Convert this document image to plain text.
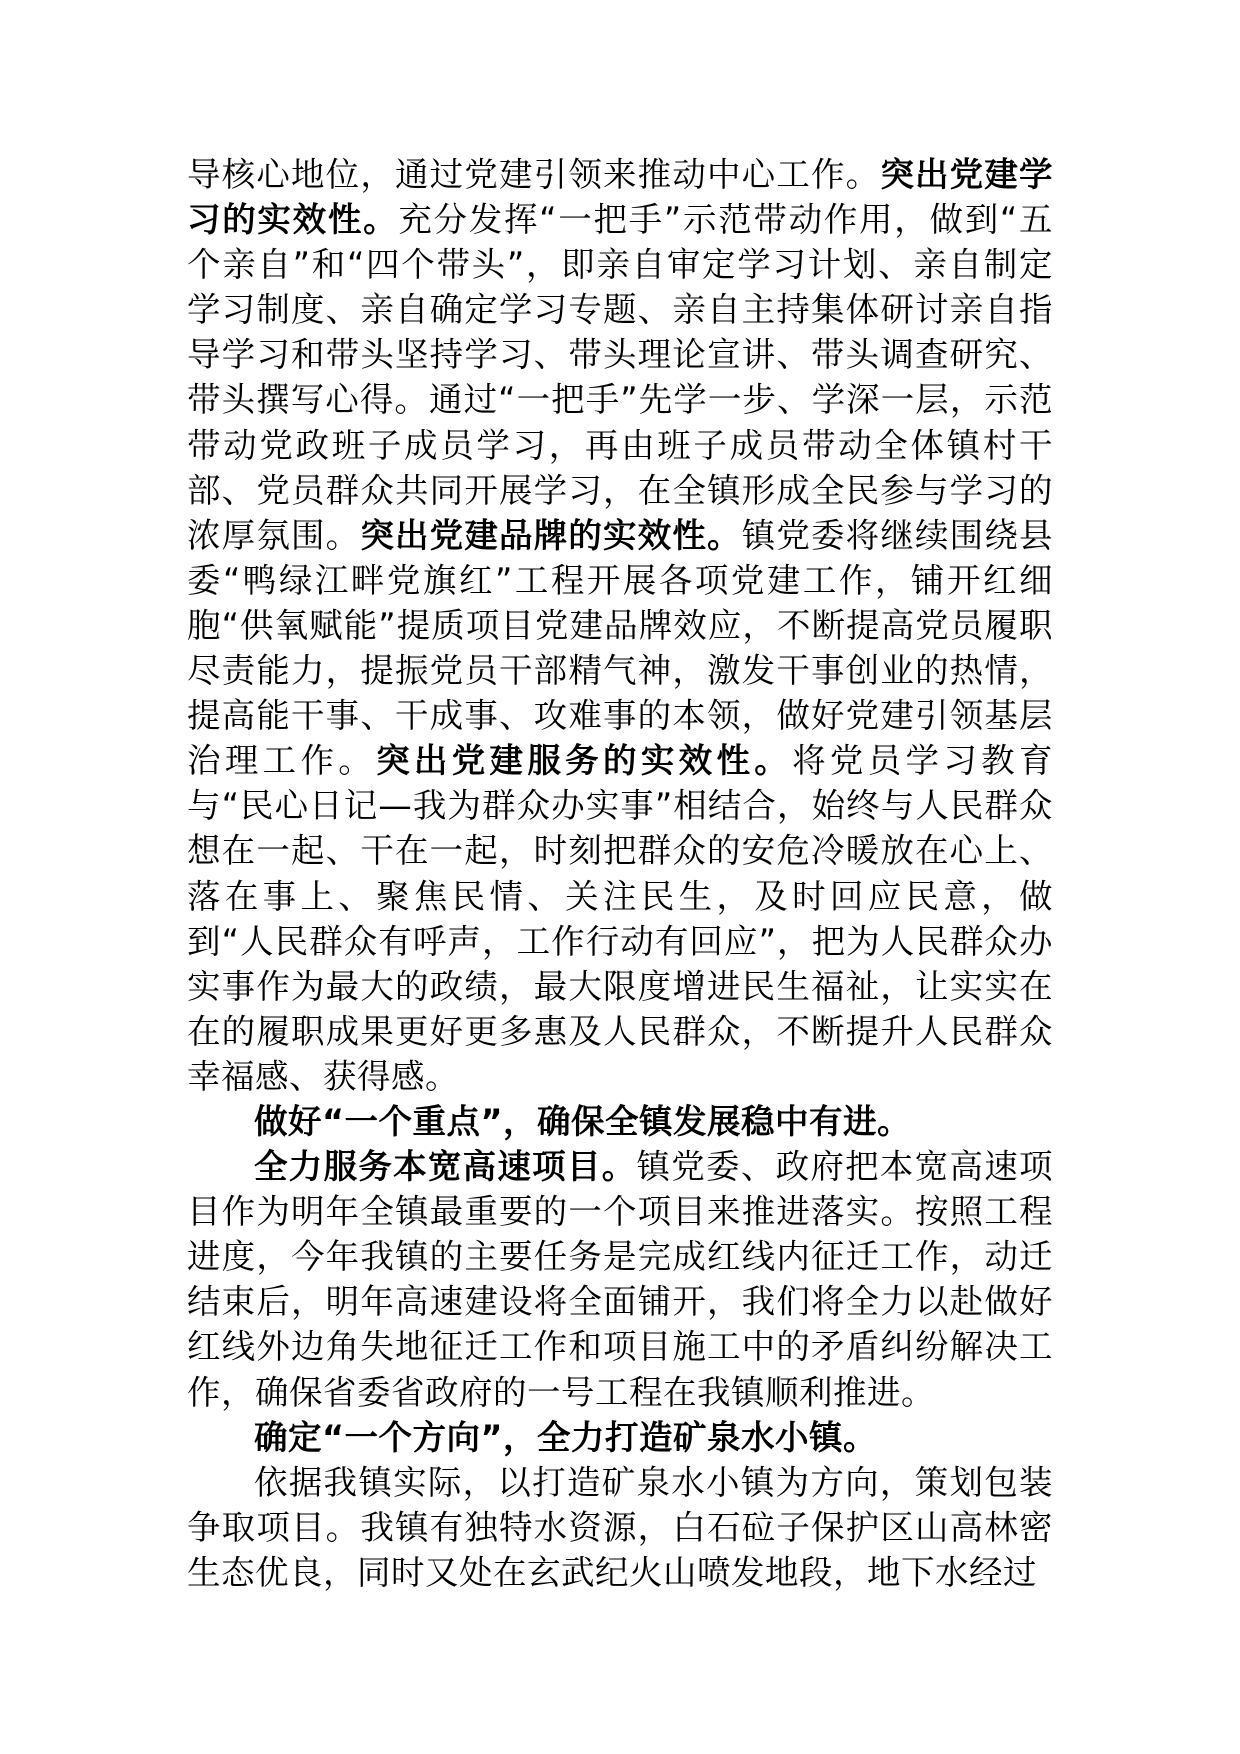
导核心地位，通过党建引领来推动中心工作。突出党建学习的实效性。充分发挥“一把手”示范带动作用，做到“五个亲自”和“四个带头”，即亲自审定学习计划、亲自制定学习制度、亲自确定学习专题、亲自主持集体研讨亲自指导学习和带头坚持学习、带头理论宣讲、带头调查研究、带头撰写心得。通过“一把手”先学一步、学深一层，示范带动党政班子成员学习，再由班子成员带动全体镇村干部、党员群众共同开展学习，在全镇形成全民参与学习的浓厚氛围。突出党建品牌的实效性。镇党委将继续围绕县委“鸭绿江畔党旗红”工程开展各项党建工作，铺开红细胞“供氧赋能”提质项目党建品牌效应，不断提高党员履职尽责能力，提振党员干部精气神，激发干事创业的热情，提高能干事、干成事、攻难事的本领，做好党建引领基层治理工作。突出党建服务的实效性。将党员学习教育与“民心日记—我为群众办实事”相结合，始终与人民群众想在一起、干在一起，时刻把群众的安危冷暖放在心上、落在事上、聚焦民情、关注民生，及时回应民意，做到“人民群众有呼声，工作行动有回应”，把为人民群众办实事作为最大的政绩，最大限度增进民生福祉，让实实在在的履职成果更好更多惠及人民群众，不断提升人民群众幸福感、获得感。

做好“一个重点”，确保全镇发展稳中有进。

全力服务本宽高速项目。镇党委、政府把本宽高速项目作为明年全镇最重要的一个项目来推进落实。按照工程进度，今年我镇的主要任务是完成红线内征迁工作，动迁结束后，明年高速建设将全面铺开，我们将全力以赴做好红线外边角失地征迁工作和项目施工中的矛盾纠纷解决工作，确保省委省政府的一号工程在我镇顺利推进。

确定“一个方向”，全力打造矿泉水小镇。

依据我镇实际，以打造矿泉水小镇为方向，策划包装争取项目。我镇有独特水资源，白石砬子保护区山高林密生态优良，同时又处在玄武纪火山喷发地段，地下水经过
